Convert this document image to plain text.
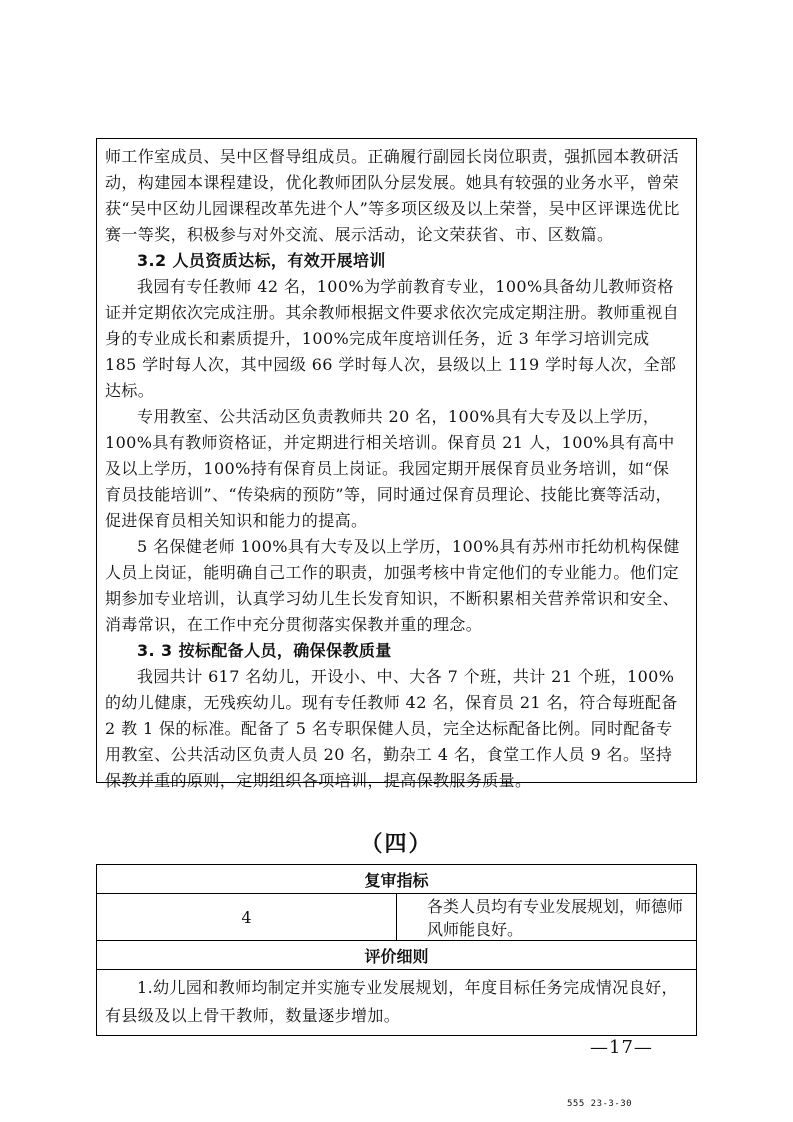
师工作室成员、吴中区督导组成员。正确履行副园长岗位职责，强抓园本教研活动，构建园本课程建设，优化教师团队分层发展。她具有较强的业务水平，曾荣获“吴中区幼儿园课程改革先进个人”等多项区级及以上荣誉，吴中区评课选优比赛一等奖，积极参与对外交流、展示活动，论文荣获省、市、区数篇。

3.2 人员资质达标，有效开展培训

我园有专任教师 42 名，100%为学前教育专业，100%具备幼儿教师资格证并定期依次完成注册。其余教师根据文件要求依次完成定期注册。教师重视自身的专业成长和素质提升，100%完成年度培训任务，近 3 年学习培训完成 185 学时每人次，其中园级 66 学时每人次，县级以上 119 学时每人次，全部达标。

专用教室、公共活动区负责教师共 20 名，100%具有大专及以上学历，100%具有教师资格证，并定期进行相关培训。保育员 21 人，100%具有高中及以上学历，100%持有保育员上岗证。我园定期开展保育员业务培训，如“保育员技能培训”、“传染病的预防”等，同时通过保育员理论、技能比赛等活动，促进保育员相关知识和能力的提高。

5 名保健老师 100%具有大专及以上学历，100%具有苏州市托幼机构保健人员上岗证，能明确自己工作的职责，加强考核中肯定他们的专业能力。他们定期参加专业培训，认真学习幼儿生长发育知识，不断积累相关营养常识和安全、消毒常识，在工作中充分贯彻落实保教并重的理念。

3. 3 按标配备人员，确保保教质量

我园共计 617 名幼儿，开设小、中、大各 7 个班，共计 21 个班，100%的幼儿健康，无残疾幼儿。现有专任教师 42 名，保育员 21 名，符合每班配备 2 教 1 保的标准。配备了 5 名专职保健人员，完全达标配备比例。同时配备专用教室、公共活动区负责人员 20 名，勤杂工 4 名，食堂工作人员 9 名。坚持保教并重的原则，定期组织各项培训，提高保教服务质量。

（四）
复审指标
4	各类人员均有专业发展规划，师德师风师能良好。
评价细则

1.幼儿园和教师均制定并实施专业发展规划，年度目标任务完成情况良好，有县级及以上骨干教师，数量逐步增加。

—17—
555 23-3-30
